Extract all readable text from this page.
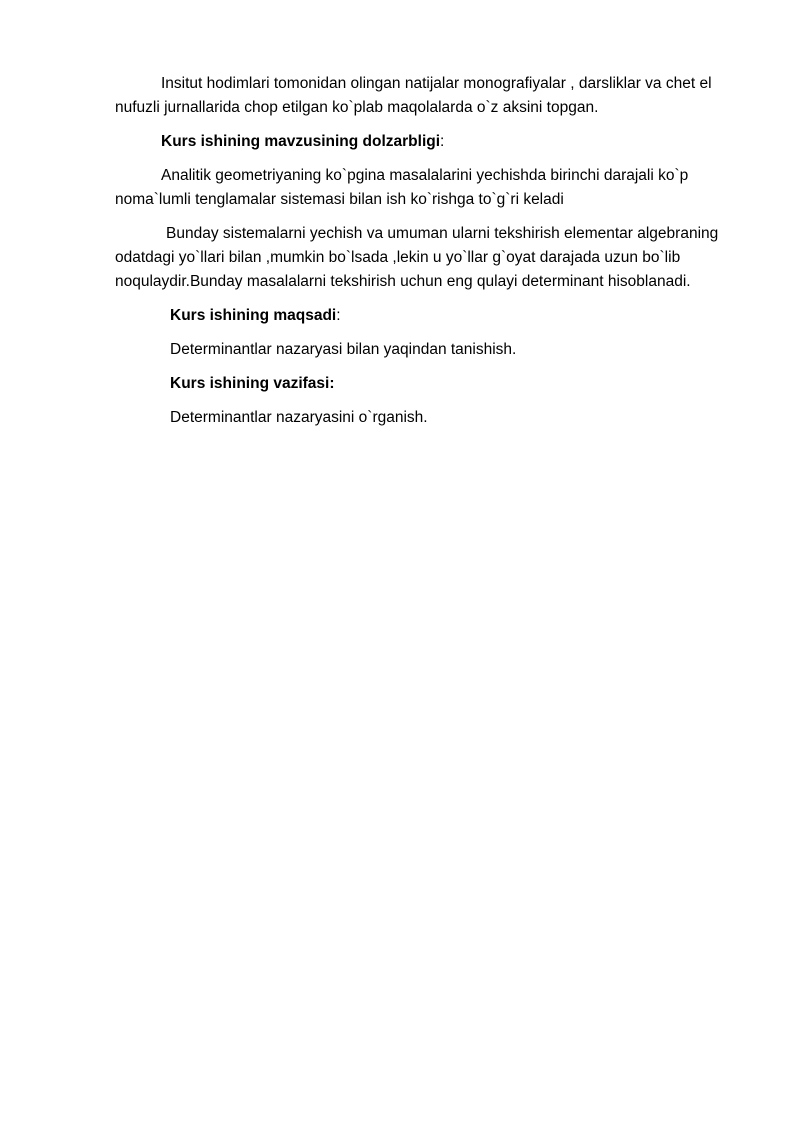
Insitut hodimlari tomonidan olingan natijalar monografiyalar , darsliklar va chet el nufuzli jurnallarida chop etilgan ko`plab maqolalarda o`z aksini topgan.

Kurs ishining mavzusining dolzarbligi:

Analitik geometriyaning ko`pgina masalalarini yechishda birinchi darajali ko`p noma`lumli tenglamalar sistemasi bilan ish ko`rishga to`g`ri keladi

Bunday sistemalarni yechish va umuman ularni tekshirish elementar algebraning odatdagi yo`llari bilan ,mumkin bo`lsada ,lekin u yo`llar g`oyat darajada uzun bo`lib noqulaydir.Bunday masalalarni tekshirish uchun eng qulayi determinant hisoblanadi.

Kurs ishining maqsadi:

Determinantlar nazaryasi bilan yaqindan tanishish.

Kurs ishining vazifasi:

Determinantlar nazaryasini o`rganish.
